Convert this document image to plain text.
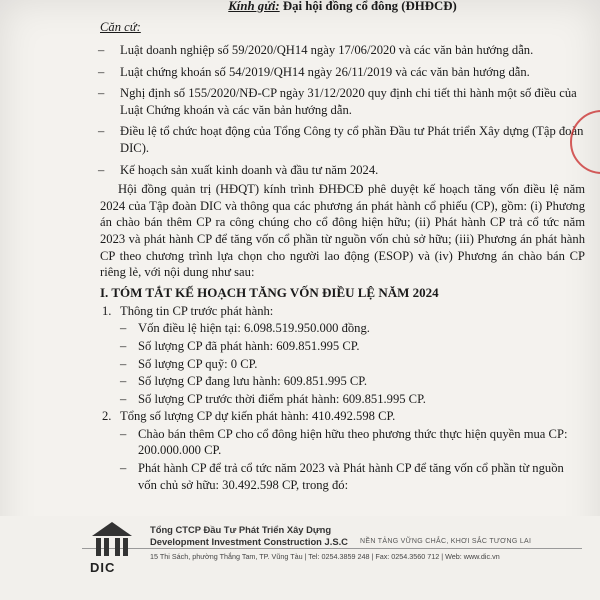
Kính gửi: Đại hội đồng cổ đông (ĐHĐCĐ)
Căn cứ:
– Luật doanh nghiệp số 59/2020/QH14 ngày 17/06/2020 và các văn bản hướng dẫn.
– Luật chứng khoán số 54/2019/QH14 ngày 26/11/2019 và các văn bản hướng dẫn.
– Nghị định số 155/2020/NĐ-CP ngày 31/12/2020 quy định chi tiết thi hành một số điều của Luật Chứng khoán và các văn bản hướng dẫn.
– Điều lệ tổ chức hoạt động của Tổng Công ty cổ phần Đầu tư Phát triển Xây dựng (Tập đoàn DIC).
– Kế hoạch sản xuất kinh doanh và đầu tư năm 2024.
Hội đồng quản trị (HĐQT) kính trình ĐHĐCĐ phê duyệt kế hoạch tăng vốn điều lệ năm 2024 của Tập đoàn DIC và thông qua các phương án phát hành cổ phiếu (CP), gồm: (i) Phương án chào bán thêm CP ra công chúng cho cổ đông hiện hữu; (ii) Phát hành CP trả cổ tức năm 2023 và phát hành CP để tăng vốn cổ phần từ nguồn vốn chủ sở hữu; (iii) Phương án phát hành CP theo chương trình lựa chọn cho người lao động (ESOP) và (iv) Phương án chào bán CP riêng lẻ, với nội dung như sau:
I. TÓM TẮT KẾ HOẠCH TĂNG VỐN ĐIỀU LỆ NĂM 2024
1. Thông tin CP trước phát hành:
– Vốn điều lệ hiện tại: 6.098.519.950.000 đồng.
– Số lượng CP đã phát hành: 609.851.995 CP.
– Số lượng CP quỹ: 0 CP.
– Số lượng CP đang lưu hành: 609.851.995 CP.
– Số lượng CP trước thời điểm phát hành: 609.851.995 CP.
2. Tổng số lượng CP dự kiến phát hành: 410.492.598 CP.
– Chào bán thêm CP cho cổ đông hiện hữu theo phương thức thực hiện quyền mua CP: 200.000.000 CP.
– Phát hành CP để trả cổ tức năm 2023 và Phát hành CP để tăng vốn cổ phần từ nguồn vốn chủ sở hữu: 30.492.598 CP, trong đó:
DIC
Tổng CTCP Đầu Tư Phát Triển Xây Dựng
Development Investment Construction J.S.C	NỀN TẢNG VỮNG CHẮC, KHƠI SẮC TƯƠNG LAI
15 Thi Sách, phường Thắng Tam, TP. Vũng Tàu | Tel: 0254.3859 248 | Fax: 0254.3560 712 | Web: www.dic.vn
